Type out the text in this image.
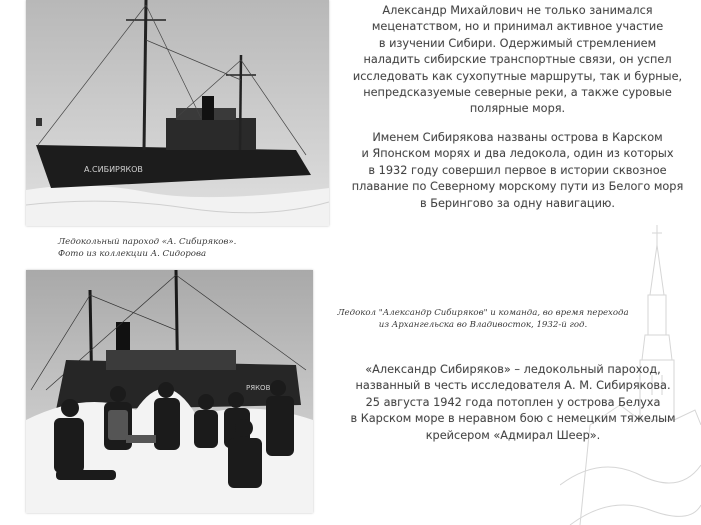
А.СИБИРЯКОВ
Ледокольный пароход «А. Сибиряков».
Фото из коллекции А. Сидорова
РЯКОВ
Ледокол "Александр Сибиряков" и команда, во время перехода
из Архангельска во Владивосток, 1932-й год.
Александр Михайлович не только занимался
меценатством, но и принимал активное участие
в изучении Сибири. Одержимый стремлением
наладить сибирские транспортные связи, он успел
исследовать как сухопутные маршруты, так и бурные,
непредсказуемые северные реки, а также суровые
полярные моря.
Именем Сибирякова названы острова в Карском
и Японском морях и два ледокола, один из которых
в 1932 году совершил первое в истории сквозное
плавание по Северному морскому пути из Белого моря
в Берингово за одну навигацию.
«Александр Сибиряков» – ледокольный пароход,
названный в честь исследователя А. М. Сибирякова.
25 августа 1942 года потоплен у острова Белуха
в Карском море в неравном бою с немецким тяжелым
крейсером «Адмирал Шеер».
